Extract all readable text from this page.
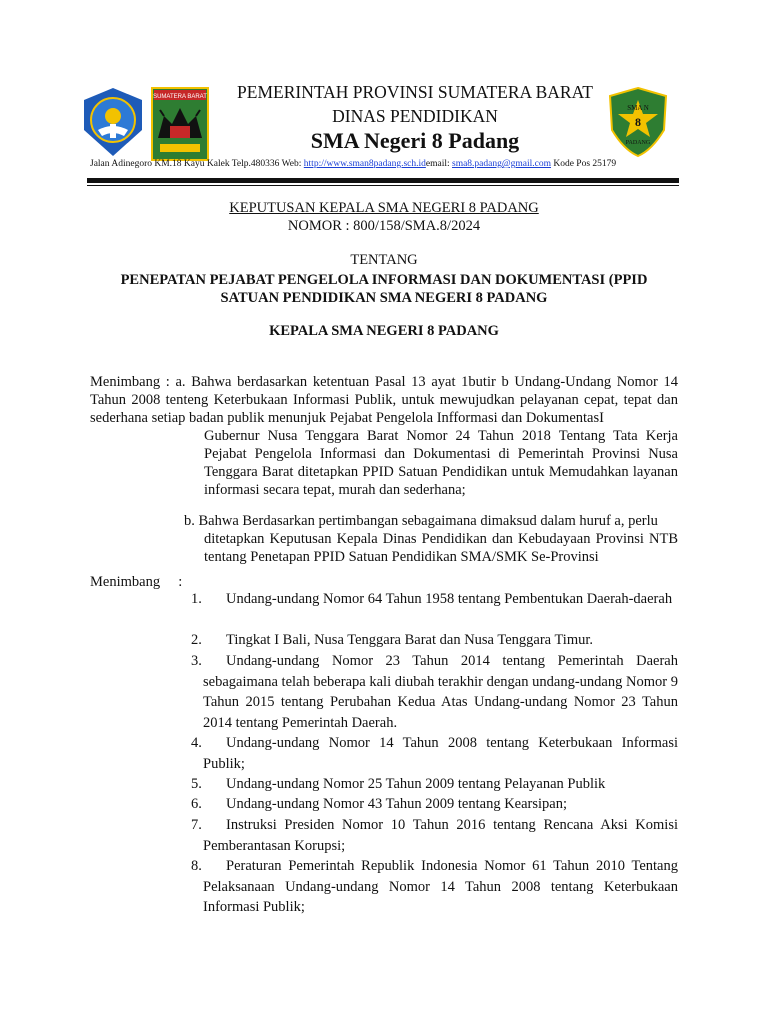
SUMATERA BARAT
SMA N
8
PADANG
PEMERINTAH PROVINSI SUMATERA BARAT
DINAS PENDIDIKAN
SMA Negeri 8 Padang
Jalan Adinegoro KM.18 Kayu Kalek Telp.480336 Web: http://www.sman8padang.sch.idemail: sma8.padang@gmail.com Kode Pos 25179
KEPUTUSAN KEPALA SMA NEGERI 8 PADANG
NOMOR : 800/158/SMA.8/2024
TENTANG
PENEPATAN PEJABAT PENGELOLA INFORMASI DAN DOKUMENTASI (PPID
SATUAN PENDIDIKAN SMA NEGERI 8 PADANG
KEPALA SMA NEGERI 8 PADANG
Menimbang : a. Bahwa berdasarkan ketentuan Pasal 13 ayat 1butir b Undang-Undang Nomor 14 Tahun 2008 tenteng Keterbukaan Informasi Publik, untuk mewujudkan pelayanan cepat, tepat dan sederhana setiap badan publik menunjuk Pejabat Pengelola Infformasi dan DokumentasI
Gubernur Nusa Tenggara Barat Nomor 24 Tahun 2018 Tentang Tata Kerja Pejabat Pengelola Informasi dan Dokumentasi di Pemerintah Provinsi Nusa Tenggara Barat ditetapkan PPID Satuan Pendidikan untuk Memudahkan layanan informasi secara tepat, murah dan sederhana;
b. Bahwa Berdasarkan pertimbangan sebagaimana dimaksud dalam huruf a, perlu
ditetapkan Keputusan Kepala Dinas Pendidikan dan Kebudayaan Provinsi NTB tentang Penetapan PPID Satuan Pendidikan SMA/SMK Se-Provinsi
Menimbang     :
1.	Undang-undang Nomor 64 Tahun 1958 tentang Pembentukan Daerah-daerah
2.	Tingkat I Bali, Nusa Tenggara Barat dan Nusa Tenggara Timur.
3.	Undang-undang Nomor 23 Tahun 2014 tentang Pemerintah Daerah sebagaimana telah beberapa kali diubah terakhir dengan undang-undang Nomor 9 Tahun 2015 tentang Perubahan Kedua Atas Undang-undang Nomor 23 Tahun 2014 tentang Pemerintah Daerah.
4.	Undang-undang Nomor 14 Tahun 2008 tentang Keterbukaan Informasi Publik;
5.	Undang-undang Nomor 25 Tahun 2009 tentang Pelayanan Publik
6.	Undang-undang Nomor 43 Tahun 2009 tentang Kearsipan;
7.	Instruksi Presiden Nomor 10 Tahun 2016 tentang Rencana Aksi Komisi Pemberantasan Korupsi;
8.	Peraturan Pemerintah Republik Indonesia Nomor 61 Tahun 2010 Tentang Pelaksanaan Undang-undang Nomor 14 Tahun 2008 tentang Keterbukaan Informasi Publik;
